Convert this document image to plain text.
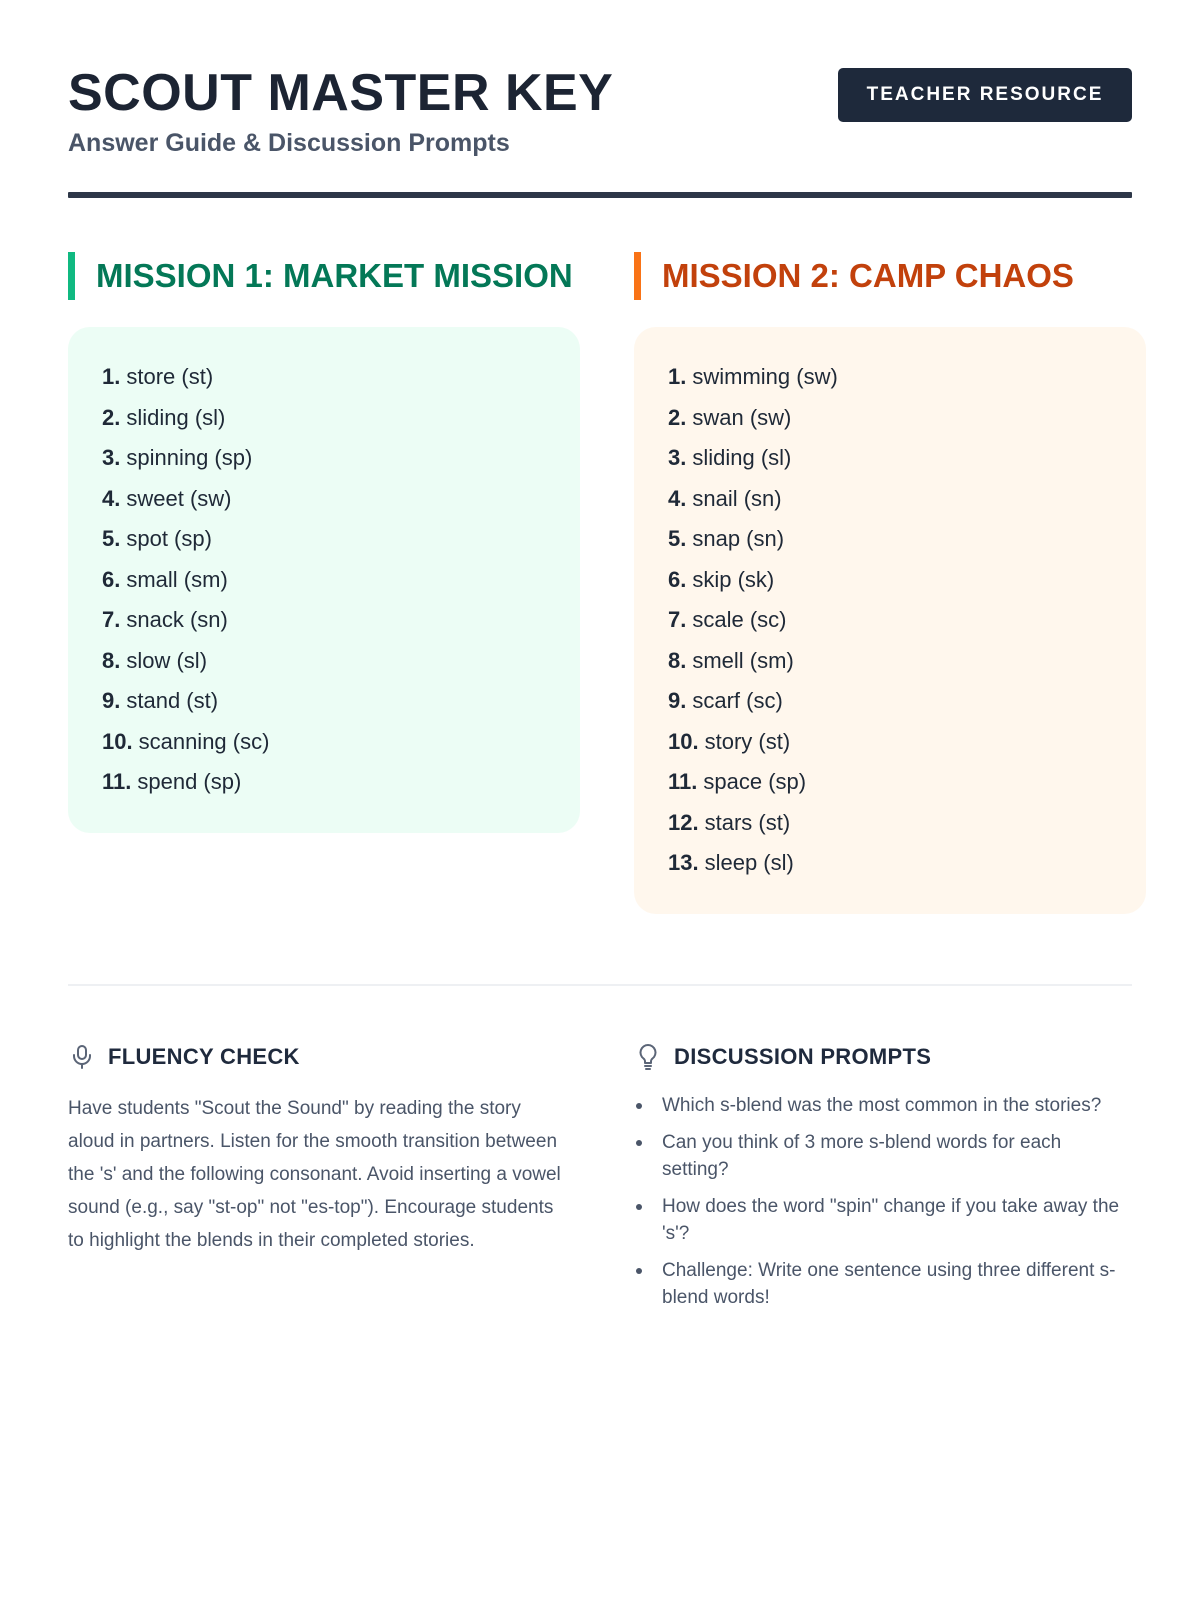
SCOUT MASTER KEY

Answer Guide & Discussion Prompts

TEACHER RESOURCE
MISSION 1: MARKET MISSION
1. store (st)
2. sliding (sl)
3. spinning (sp)
4. sweet (sw)
5. spot (sp)
6. small (sm)
7. snack (sn)
8. slow (sl)
9. stand (st)
10. scanning (sc)
11. spend (sp)
MISSION 2: CAMP CHAOS
1. swimming (sw)
2. swan (sw)
3. sliding (sl)
4. snail (sn)
5. snap (sn)
6. skip (sk)
7. scale (sc)
8. smell (sm)
9. scarf (sc)
10. story (st)
11. space (sp)
12. stars (st)
13. sleep (sl)
FLUENCY CHECK

Have students "Scout the Sound" by reading the story aloud in partners. Listen for the smooth transition between the 's' and the following consonant. Avoid inserting a vowel sound (e.g., say "st-op" not "es-top"). Encourage students to highlight the blends in their completed stories.

DISCUSSION PROMPTS
Which s-blend was the most common in the stories?
Can you think of 3 more s-blend words for each setting?
How does the word "spin" change if you take away the 's'?
Challenge: Write one sentence using three different s-blend words!
